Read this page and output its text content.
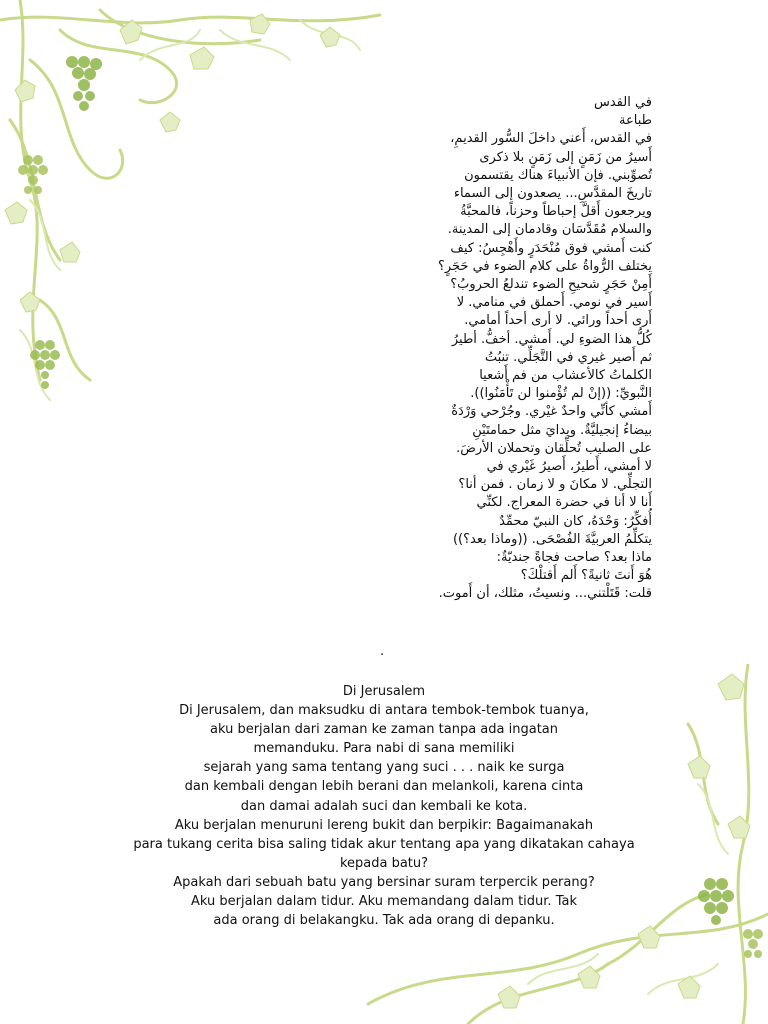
في القدس
طباعة
في القدس، أَعني داخلَ السُّور القديمِ،
أَسيرُ من زَمَنٍ إلى زَمَنٍ بلا ذكرى
تُصوِّبني. فإن الأنبياءَ هناك يقتسمون
تاريخَ المقدَّسِ... يصعدون إلى السماء
ويرجعون أَقلَّ إحباطاً وحزناً، فالمحبَّةُ
والسلام مُقَدَّسَان وقادمان إلى المدينة.
كنت أَمشي فوق مُنْحَدَرٍ وأَهْجِسُ: كيف
يختلف الرُّواةُ على كلام الضوء في حَجَرٍ؟
أَمِنْ حَجَرٍ شحيحِ الضوء تندلعُ الحروبُ؟
أَسير في نومي. أَحملق في منامي. لا
أَرى أحداً ورائي. لا أرى أحداً أمامي.
كُلُّ هذا الضوءِ لي. أَمشي. أخفُّ. أطيرُ
ثم أَصير غيري في التَّجَلِّي. تنبُتُ
الكلماتُ كالأعشاب من فم أَشعيا
النَّبويِّ: ((إنْ لم تُؤْمنوا لن تَأْمَنُوا)).
أَمشي كأنِّي واحدٌ غيْري. وجُرْحي وَرْدَةٌ
بيضاءُ إنجيليَّةٌ. ويدايَ مثل حمامتَيْنِ
على الصليب تُحلِّقان وتحملان الأرضَ.
لا أمشي، أَطيرُ، أَصيرُ غَيْري في
التجلِّي. لا مكانَ و لا زمان . فمن أنا؟
أَنا لا أنا في حضرة المعراج. لكنِّي
أُفكِّرُ: وَحْدَهُ، كان النبيّ محمِّدٌ
يتكلِّمُ العربيَّةَ الفُصْحَى. ((وماذا بعد؟))
ماذا بعد؟ صاحت فجاةً جنديّةٌ:
هُوَ أَنتَ ثانيةً؟ أَلم أَقتلْكَ؟
قلت: قَتَلْتني... ونسيتُ، مثلك، أن أَموت.
.
Di Jerusalem
Di Jerusalem, dan maksudku di antara tembok-tembok tuanya,
aku berjalan dari zaman ke zaman tanpa ada ingatan
memanduku. Para nabi di sana memiliki
sejarah yang sama tentang yang suci . . . naik ke surga
dan kembali dengan lebih berani dan melankoli, karena cinta
dan damai adalah suci dan kembali ke kota.
Aku berjalan menuruni lereng bukit dan berpikir: Bagaimanakah
para tukang cerita bisa saling tidak akur tentang apa yang dikatakan cahaya
kepada batu?
Apakah dari sebuah batu yang bersinar suram terpercik perang?
Aku berjalan dalam tidur. Aku memandang dalam tidur. Tak
ada orang di belakangku. Tak ada orang di depanku.
